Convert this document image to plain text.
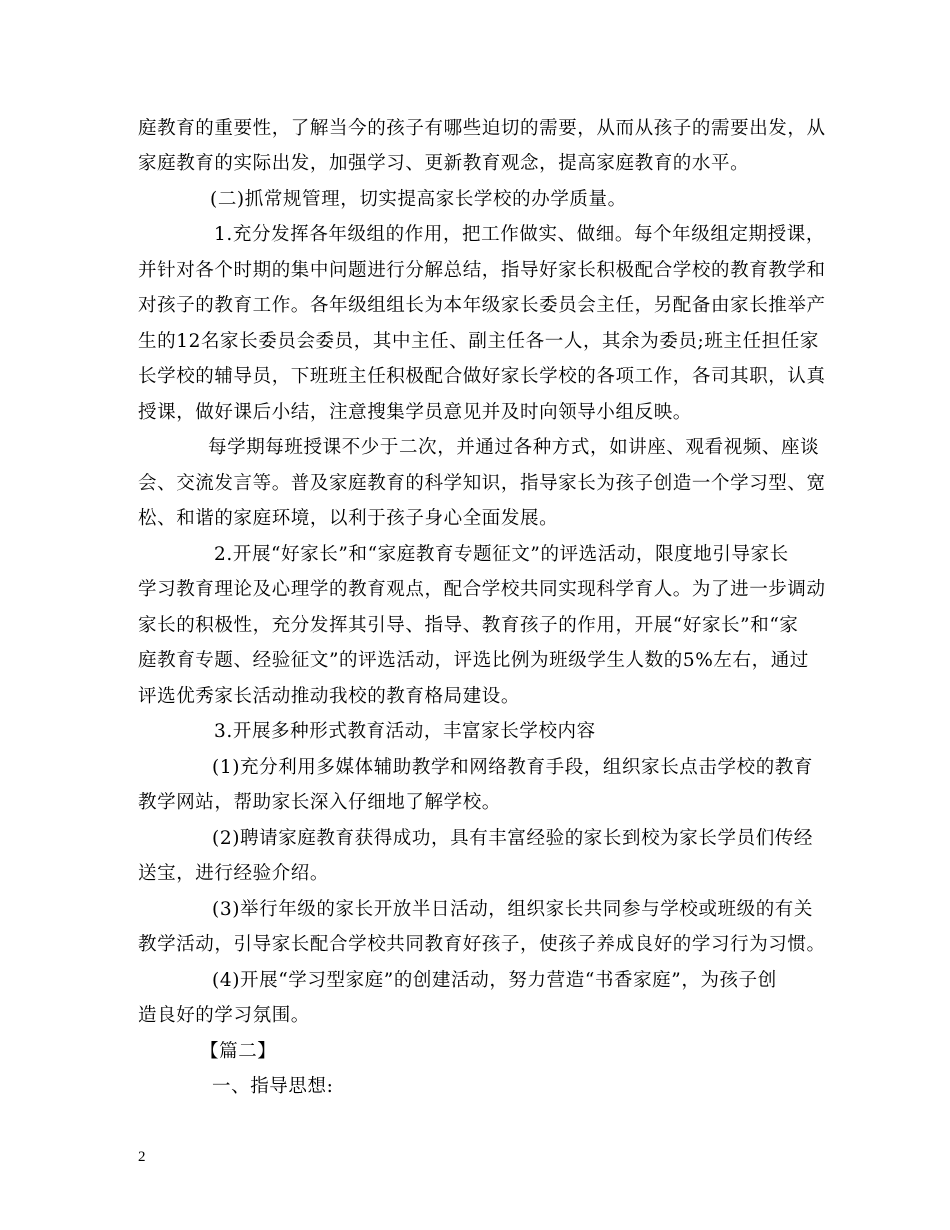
庭教育的重要性，了解当今的孩子有哪些迫切的需要，从而从孩子的需要出发，从
家庭教育的实际出发，加强学习、更新教育观念，提高家庭教育的水平。
(二)抓常规管理，切实提高家长学校的办学质量。
1.充分发挥各年级组的作用，把工作做实、做细。每个年级组定期授课，
并针对各个时期的集中问题进行分解总结，指导好家长积极配合学校的教育教学和
对孩子的教育工作。各年级组组长为本年级家长委员会主任，另配备由家长推举产
生的12名家长委员会委员，其中主任、副主任各一人，其余为委员;班主任担任家
长学校的辅导员，下班班主任积极配合做好家长学校的各项工作，各司其职，认真
授课，做好课后小结，注意搜集学员意见并及时向领导小组反映。
每学期每班授课不少于二次，并通过各种方式，如讲座、观看视频、座谈
会、交流发言等。普及家庭教育的科学知识，指导家长为孩子创造一个学习型、宽
松、和谐的家庭环境，以利于孩子身心全面发展。
2.开展“好家长”和“家庭教育专题征文”的评选活动，限度地引导家长
学习教育理论及心理学的教育观点，配合学校共同实现科学育人。为了进一步调动
家长的积极性，充分发挥其引导、指导、教育孩子的作用，开展“好家长”和“家
庭教育专题、经验征文”的评选活动，评选比例为班级学生人数的5%左右，通过
评选优秀家长活动推动我校的教育格局建设。
3.开展多种形式教育活动，丰富家长学校内容
(1)充分利用多媒体辅助教学和网络教育手段，组织家长点击学校的教育
教学网站，帮助家长深入仔细地了解学校。
(2)聘请家庭教育获得成功，具有丰富经验的家长到校为家长学员们传经
送宝，进行经验介绍。
(3)举行年级的家长开放半日活动，组织家长共同参与学校或班级的有关
教学活动，引导家长配合学校共同教育好孩子，使孩子养成良好的学习行为习惯。
(4)开展“学习型家庭”的创建活动，努力营造“书香家庭”，为孩子创
造良好的学习氛围。
【篇二】
一、指导思想:
2
